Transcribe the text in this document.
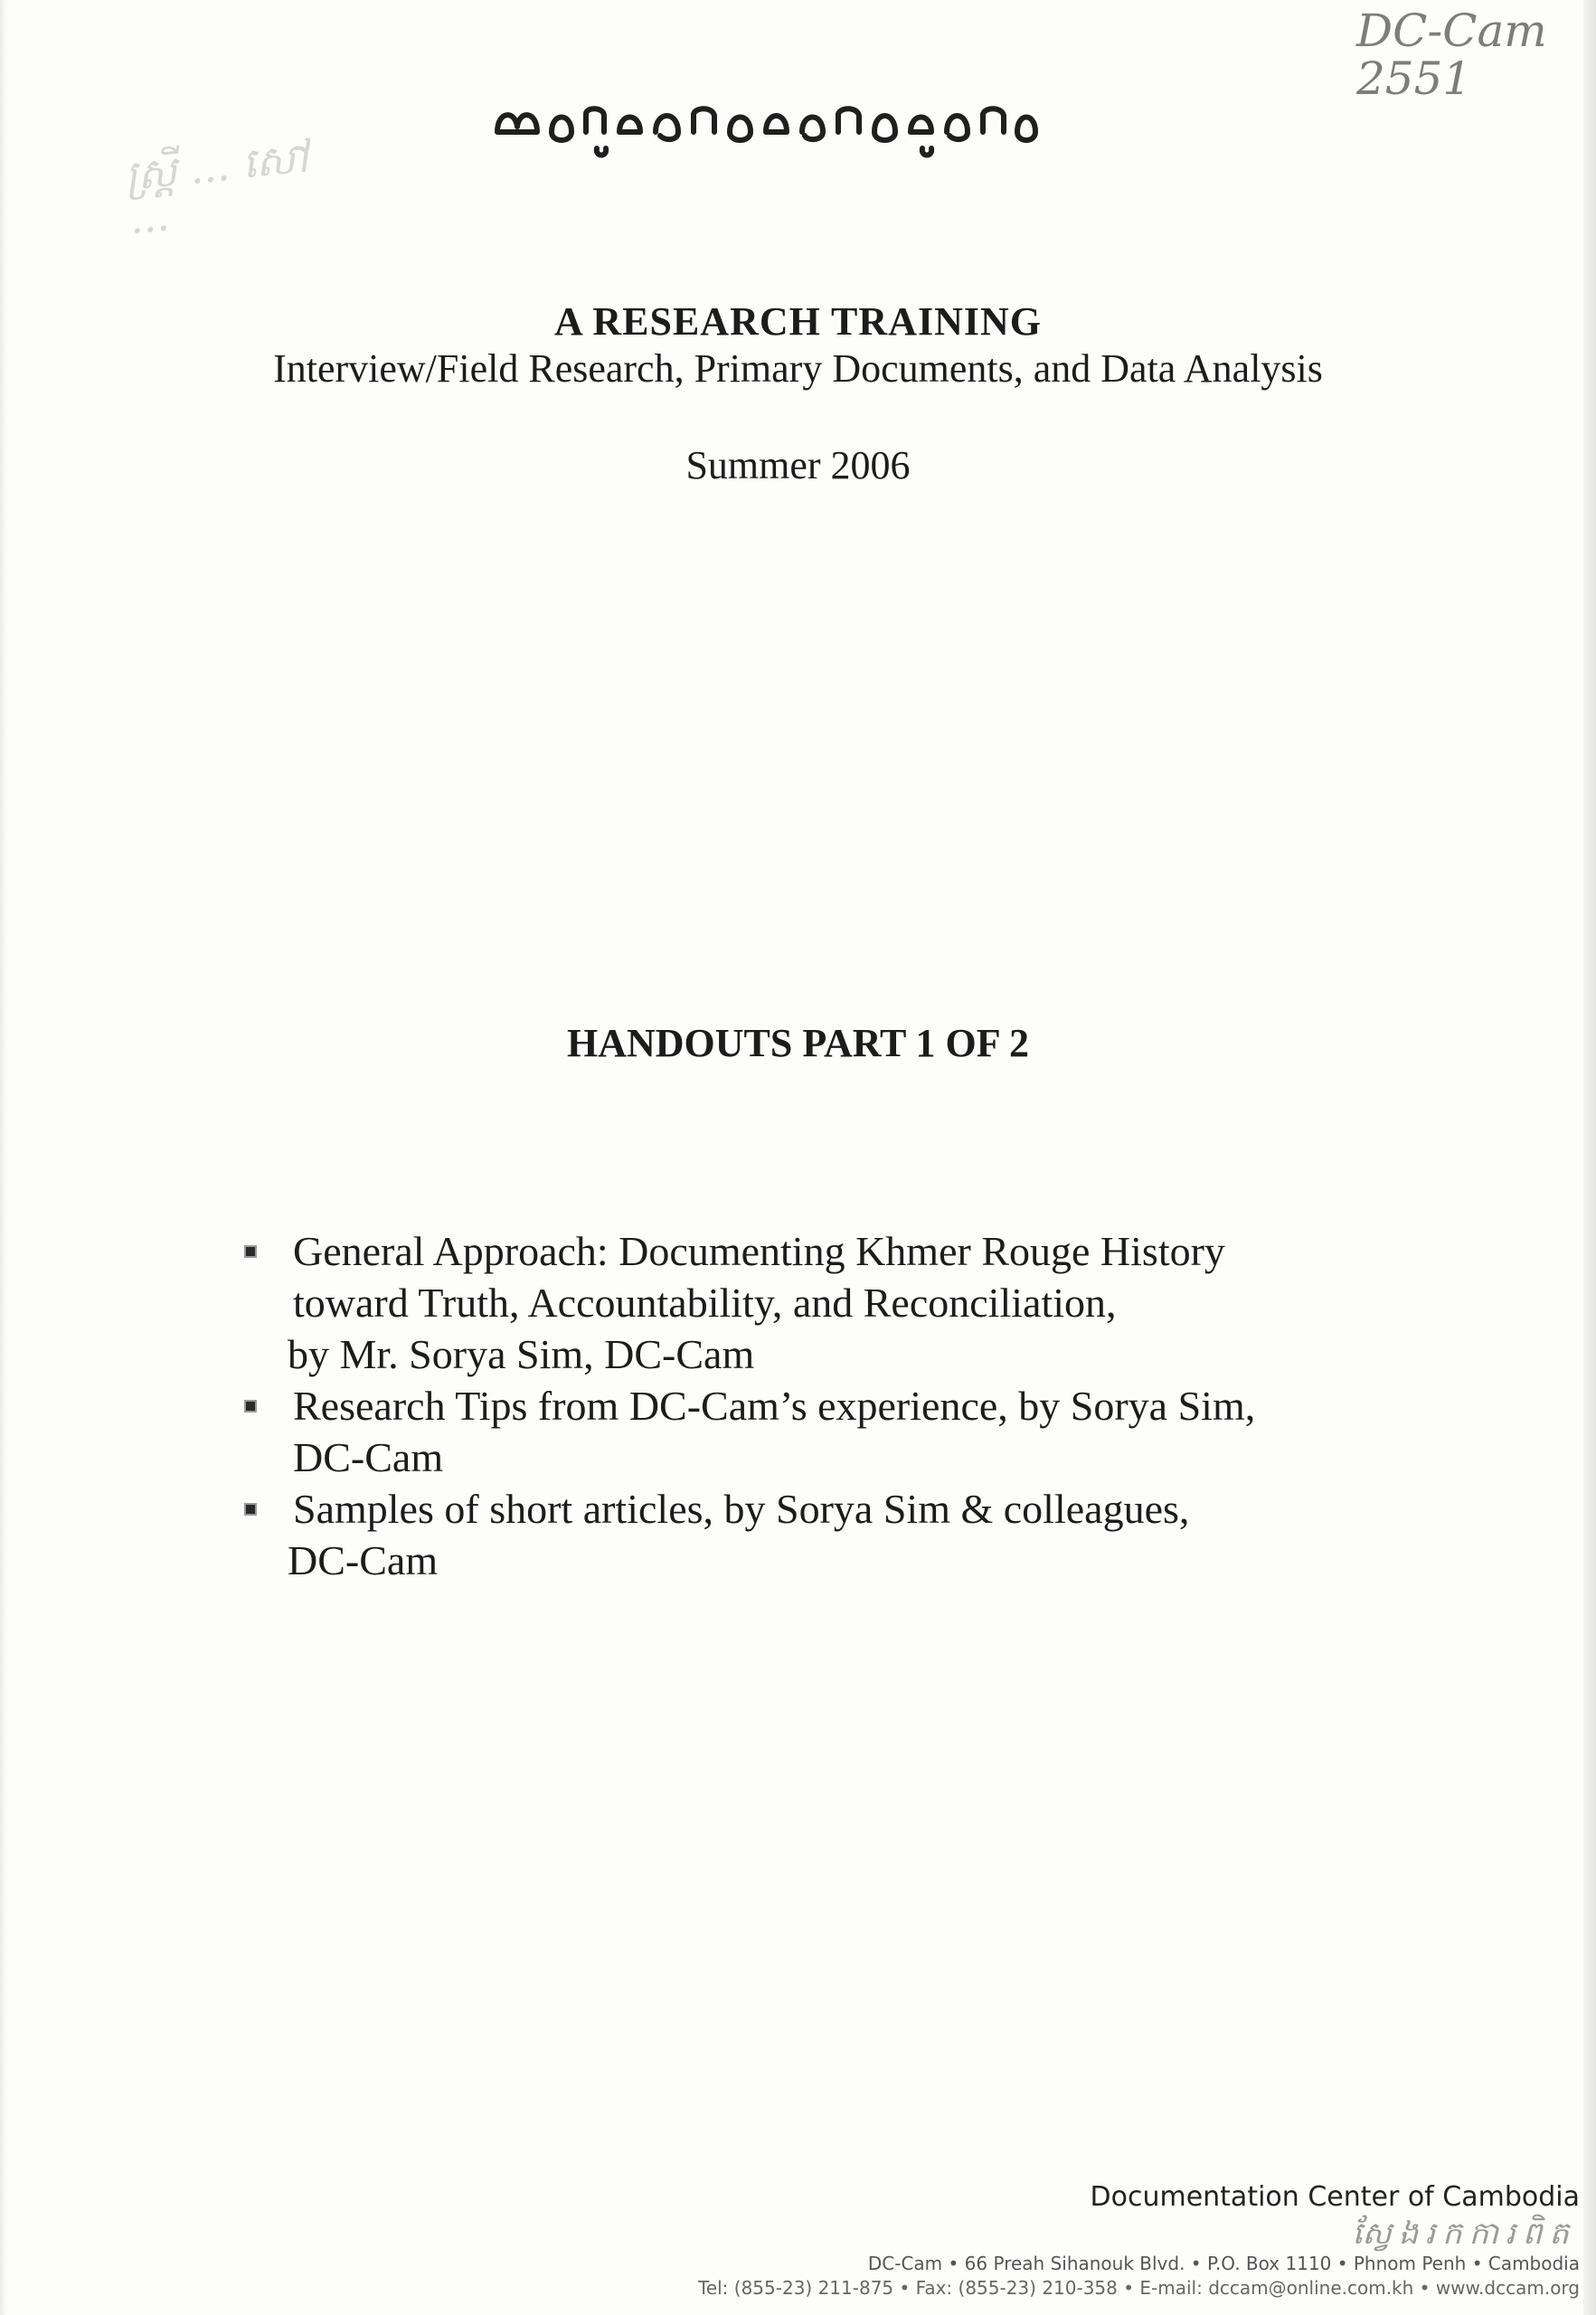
DC-Cam
2551
ស្ត្រី ... សៅ
...
A RESEARCH TRAINING
Interview/Field Research, Primary Documents, and Data Analysis
Summer 2006
HANDOUTS PART 1 OF 2
General Approach: Documenting Khmer Rouge History
toward Truth, Accountability, and Reconciliation,
by Mr. Sorya Sim, DC-Cam
Research Tips from DC-Cam’s experience, by Sorya Sim,
DC-Cam
Samples of short articles, by Sorya Sim & colleagues,
DC-Cam
Documentation Center of Cambodia
ស្វែងរកការពិត
DC-Cam • 66 Preah Sihanouk Blvd. • P.O. Box 1110 • Phnom Penh • Cambodia
Tel: (855-23) 211-875 • Fax: (855-23) 210-358 • E-mail: dccam@online.com.kh • www.dccam.org
